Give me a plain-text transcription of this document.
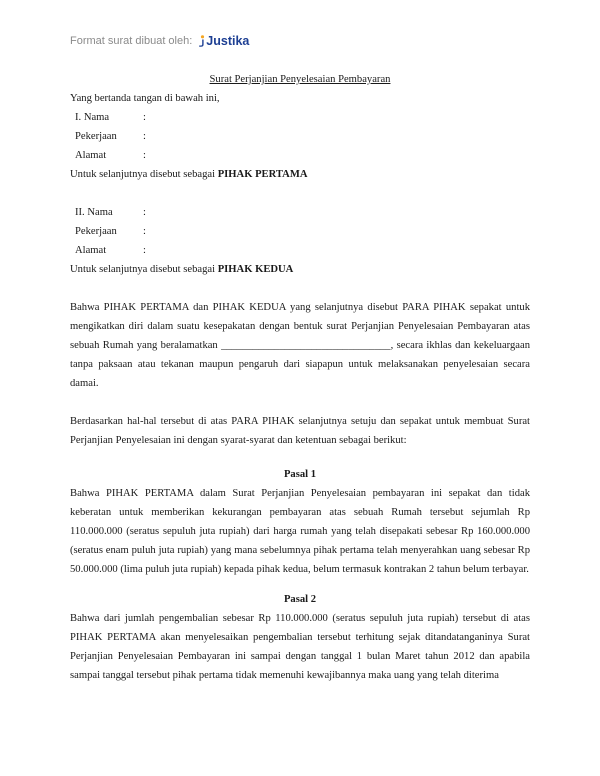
Format surat dibuat oleh: Justika

Surat Perjanjian Penyelesaian Pembayaran

Yang bertanda tangan di bawah ini,

I. Nama	:
Pekerjaan	:
Alamat	:

Untuk selanjutnya disebut sebagai PIHAK PERTAMA

II. Nama	:
Pekerjaan	:
Alamat	:

Untuk selanjutnya disebut sebagai PIHAK KEDUA

Bahwa PIHAK PERTAMA dan PIHAK KEDUA yang selanjutnya disebut PARA PIHAK sepakat untuk mengikatkan diri dalam suatu kesepakatan dengan bentuk surat Perjanjian Penyelesaian Pembayaran atas sebuah Rumah yang beralamatkan ________________________________, secara ikhlas dan kekeluargaan tanpa paksaan atau tekanan maupun pengaruh dari siapapun untuk melaksanakan penyelesaian secara damai.

Berdasarkan hal-hal tersebut di atas PARA PIHAK selanjutnya setuju dan sepakat untuk membuat Surat Perjanjian Penyelesaian ini dengan syarat-syarat dan ketentuan sebagai berikut:

Pasal 1

Bahwa PIHAK PERTAMA dalam Surat Perjanjian Penyelesaian pembayaran ini sepakat dan tidak keberatan untuk memberikan kekurangan pembayaran atas sebuah Rumah tersebut sejumlah Rp 110.000.000 (seratus sepuluh juta rupiah) dari harga rumah yang telah disepakati sebesar Rp 160.000.000 (seratus enam puluh juta rupiah) yang mana sebelumnya pihak pertama telah menyerahkan uang sebesar Rp 50.000.000 (lima puluh juta rupiah) kepada pihak kedua, belum termasuk kontrakan 2 tahun belum terbayar.

Pasal 2

Bahwa dari jumlah pengembalian sebesar Rp 110.000.000 (seratus sepuluh juta rupiah) tersebut di atas PIHAK PERTAMA akan menyelesaikan pengembalian tersebut terhitung sejak ditandatanganinya Surat Perjanjian Penyelesaian Pembayaran ini sampai dengan tanggal 1 bulan Maret tahun 2012 dan apabila sampai tanggal tersebut pihak pertama tidak memenuhi kewajibannya maka uang yang telah diterima
